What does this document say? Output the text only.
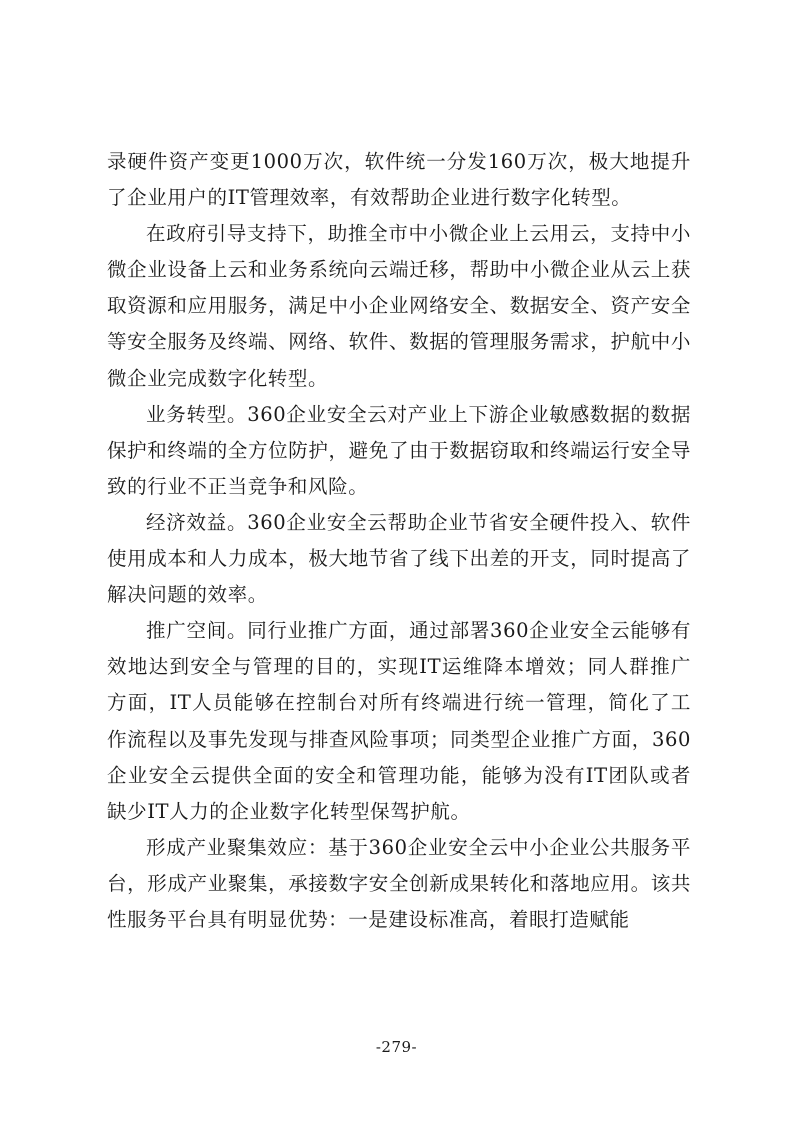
录硬件资产变更1000万次，软件统一分发160万次，极大地提升了企业用户的IT管理效率，有效帮助企业进行数字化转型。

在政府引导支持下，助推全市中小微企业上云用云，支持中小微企业设备上云和业务系统向云端迁移，帮助中小微企业从云上获取资源和应用服务，满足中小企业网络安全、数据安全、资产安全等安全服务及终端、网络、软件、数据的管理服务需求，护航中小微企业完成数字化转型。

业务转型。360企业安全云对产业上下游企业敏感数据的数据保护和终端的全方位防护，避免了由于数据窃取和终端运行安全导致的行业不正当竞争和风险。

经济效益。360企业安全云帮助企业节省安全硬件投入、软件使用成本和人力成本，极大地节省了线下出差的开支，同时提高了解决问题的效率。

推广空间。同行业推广方面，通过部署360企业安全云能够有效地达到安全与管理的目的，实现IT运维降本增效；同人群推广方面，IT人员能够在控制台对所有终端进行统一管理，简化了工作流程以及事先发现与排查风险事项；同类型企业推广方面，360企业安全云提供全面的安全和管理功能，能够为没有IT团队或者缺少IT人力的企业数字化转型保驾护航。

形成产业聚集效应：基于360企业安全云中小企业公共服务平台，形成产业聚集，承接数字安全创新成果转化和落地应用。该共性服务平台具有明显优势：一是建设标准高，着眼打造赋能

-279-
